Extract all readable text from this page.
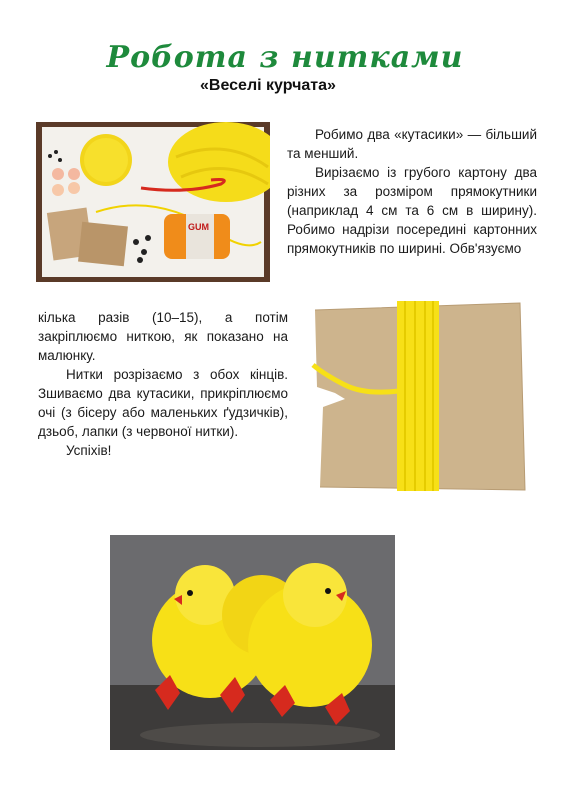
Робота з нитками
«Веселі курчата»
GUM

Робимо два «кутасики» — більший та менший.

Вирізаємо із грубого картону два різних за розміром прямокутники (наприклад 4 см та 6 см в ширину). Робимо надрізи посередині картонних прямокутників по ширині. Обв'язуємо

кілька разів (10–15), а потім закріплюємо ниткою, як показано на малюнку.

Нитки розрізаємо з обох кінців. Зшиваємо два кутасики, прикріплюємо очі (з бісеру або маленьких ґудзичків), дзьоб, лапки (з червоної нитки).

Успіхів!
